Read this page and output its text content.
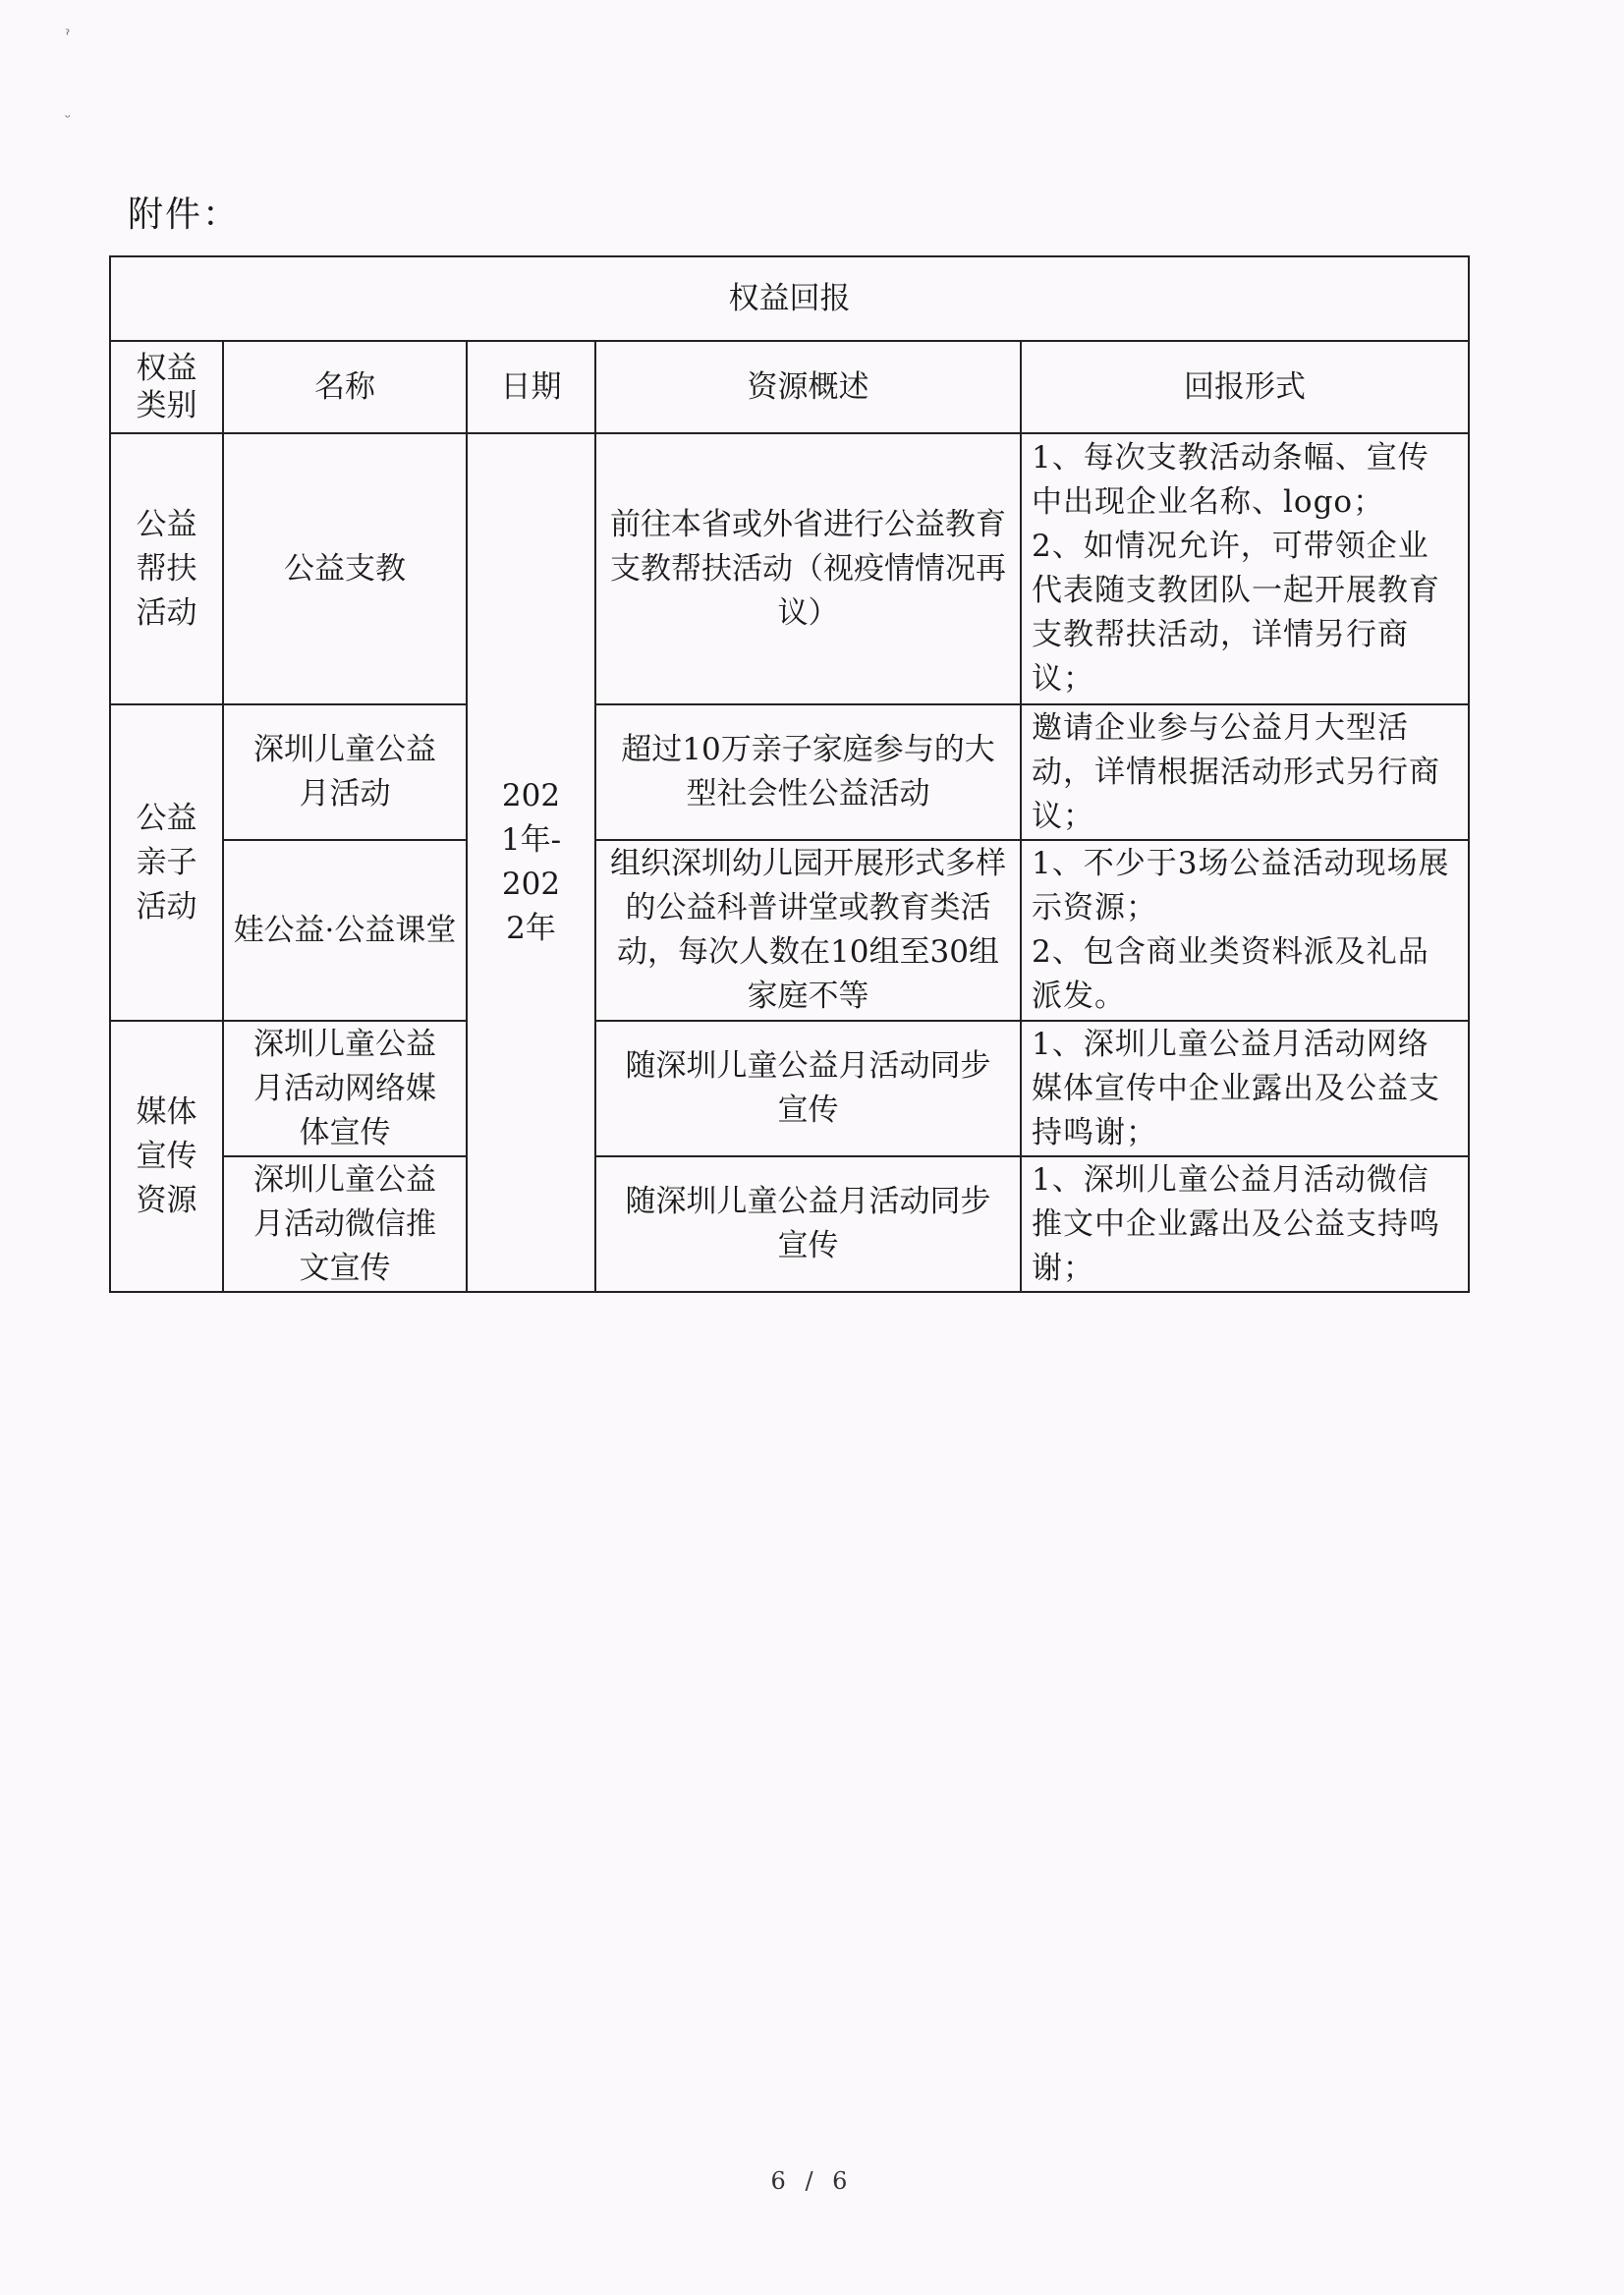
ˀ
ᵕ
附件：
权益回报				
权益类别	名称	日期	资源概述	回报形式
公益帮扶活动	公益支教	2021年-2022年	前往本省或外省进行公益教育支教帮扶活动（视疫情情况再议）	1、每次支教活动条幅、宣传中出现企业名称、logo；
2、如情况允许，可带领企业代表随支教团队一起开展教育支教帮扶活动，详情另行商议；

公益亲子活动	深圳儿童公益月活动		超过10万亲子家庭参与的大型社会性公益活动	邀请企业参与公益月大型活动，详情根据活动形式另行商议；

	娃公益·公益课堂		组织深圳幼儿园开展形式多样的公益科普讲堂或教育类活动，每次人数在10组至30组家庭不等	1、不少于3场公益活动现场展示资源；
2、包含商业类资料派及礼品派发。

媒体宣传资源	深圳儿童公益月活动网络媒体宣传		随深圳儿童公益月活动同步宣传	1、深圳儿童公益月活动网络媒体宣传中企业露出及公益支持鸣谢；

	深圳儿童公益月活动微信推文宣传		随深圳儿童公益月活动同步宣传	1、深圳儿童公益月活动微信推文中企业露出及公益支持鸣谢；
6 / 6
